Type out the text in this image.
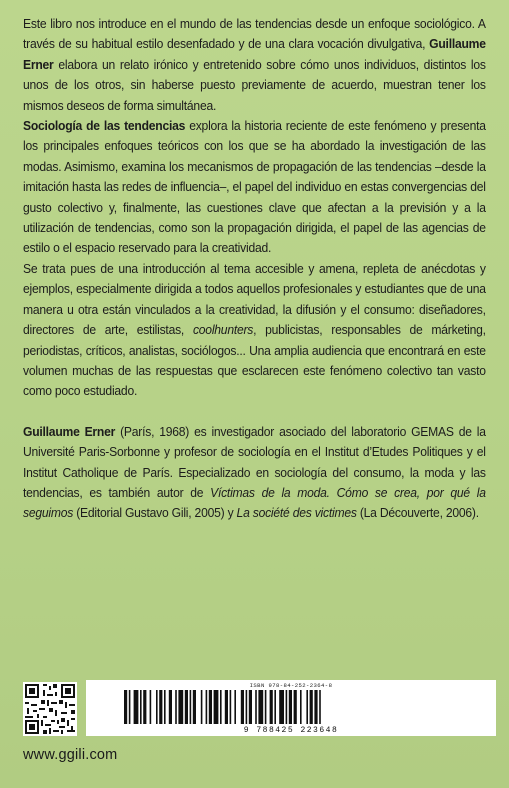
Este libro nos introduce en el mundo de las tendencias desde un enfoque sociológico. A través de su habitual estilo desenfadado y de una clara vocación divulgativa, Guillaume Erner elabora un relato irónico y entretenido sobre cómo unos individuos, distintos los unos de los otros, sin haberse puesto previamente de acuerdo, muestran tener los mismos deseos de forma simultánea.

Sociología de las tendencias explora la historia reciente de este fenómeno y presenta los principales enfoques teóricos con los que se ha abordado la investigación de las modas. Asimismo, examina los mecanismos de propagación de las tendencias –desde la imitación hasta las redes de influencia–, el papel del individuo en estas convergencias del gusto colectivo y, finalmente, las cuestiones clave que afectan a la previsión y a la utilización de tendencias, como son la propagación dirigida, el papel de las agencias de estilo o el espacio reservado para la creatividad.

Se trata pues de una introducción al tema accesible y amena, repleta de anécdotas y ejemplos, especialmente dirigida a todos aquellos profesionales y estudiantes que de una manera u otra están vinculados a la creatividad, la difusión y el consumo: diseñadores, directores de arte, estilistas, coolhunters, publicistas, responsables de márketing, periodistas, críticos, analistas, sociólogos... Una amplia audiencia que encontrará en este volumen muchas de las respuestas que esclarecen este fenómeno colectivo tan vasto como poco estudiado.

Guillaume Erner (París, 1968) es investigador asociado del laboratorio GEMAS de la Université Paris-Sorbonne y profesor de sociología en el Institut d’Etudes Politiques y el Institut Catholique de París. Especializado en sociología del consumo, la moda y las tendencias, es también autor de Víctimas de la moda. Cómo se crea, por qué la seguimos (Editorial Gustavo Gili, 2005) y La société des victimes (La Découverte, 2006).

ISBN 978-84-252-2364-8
9 788425 223648
www.ggili.com
